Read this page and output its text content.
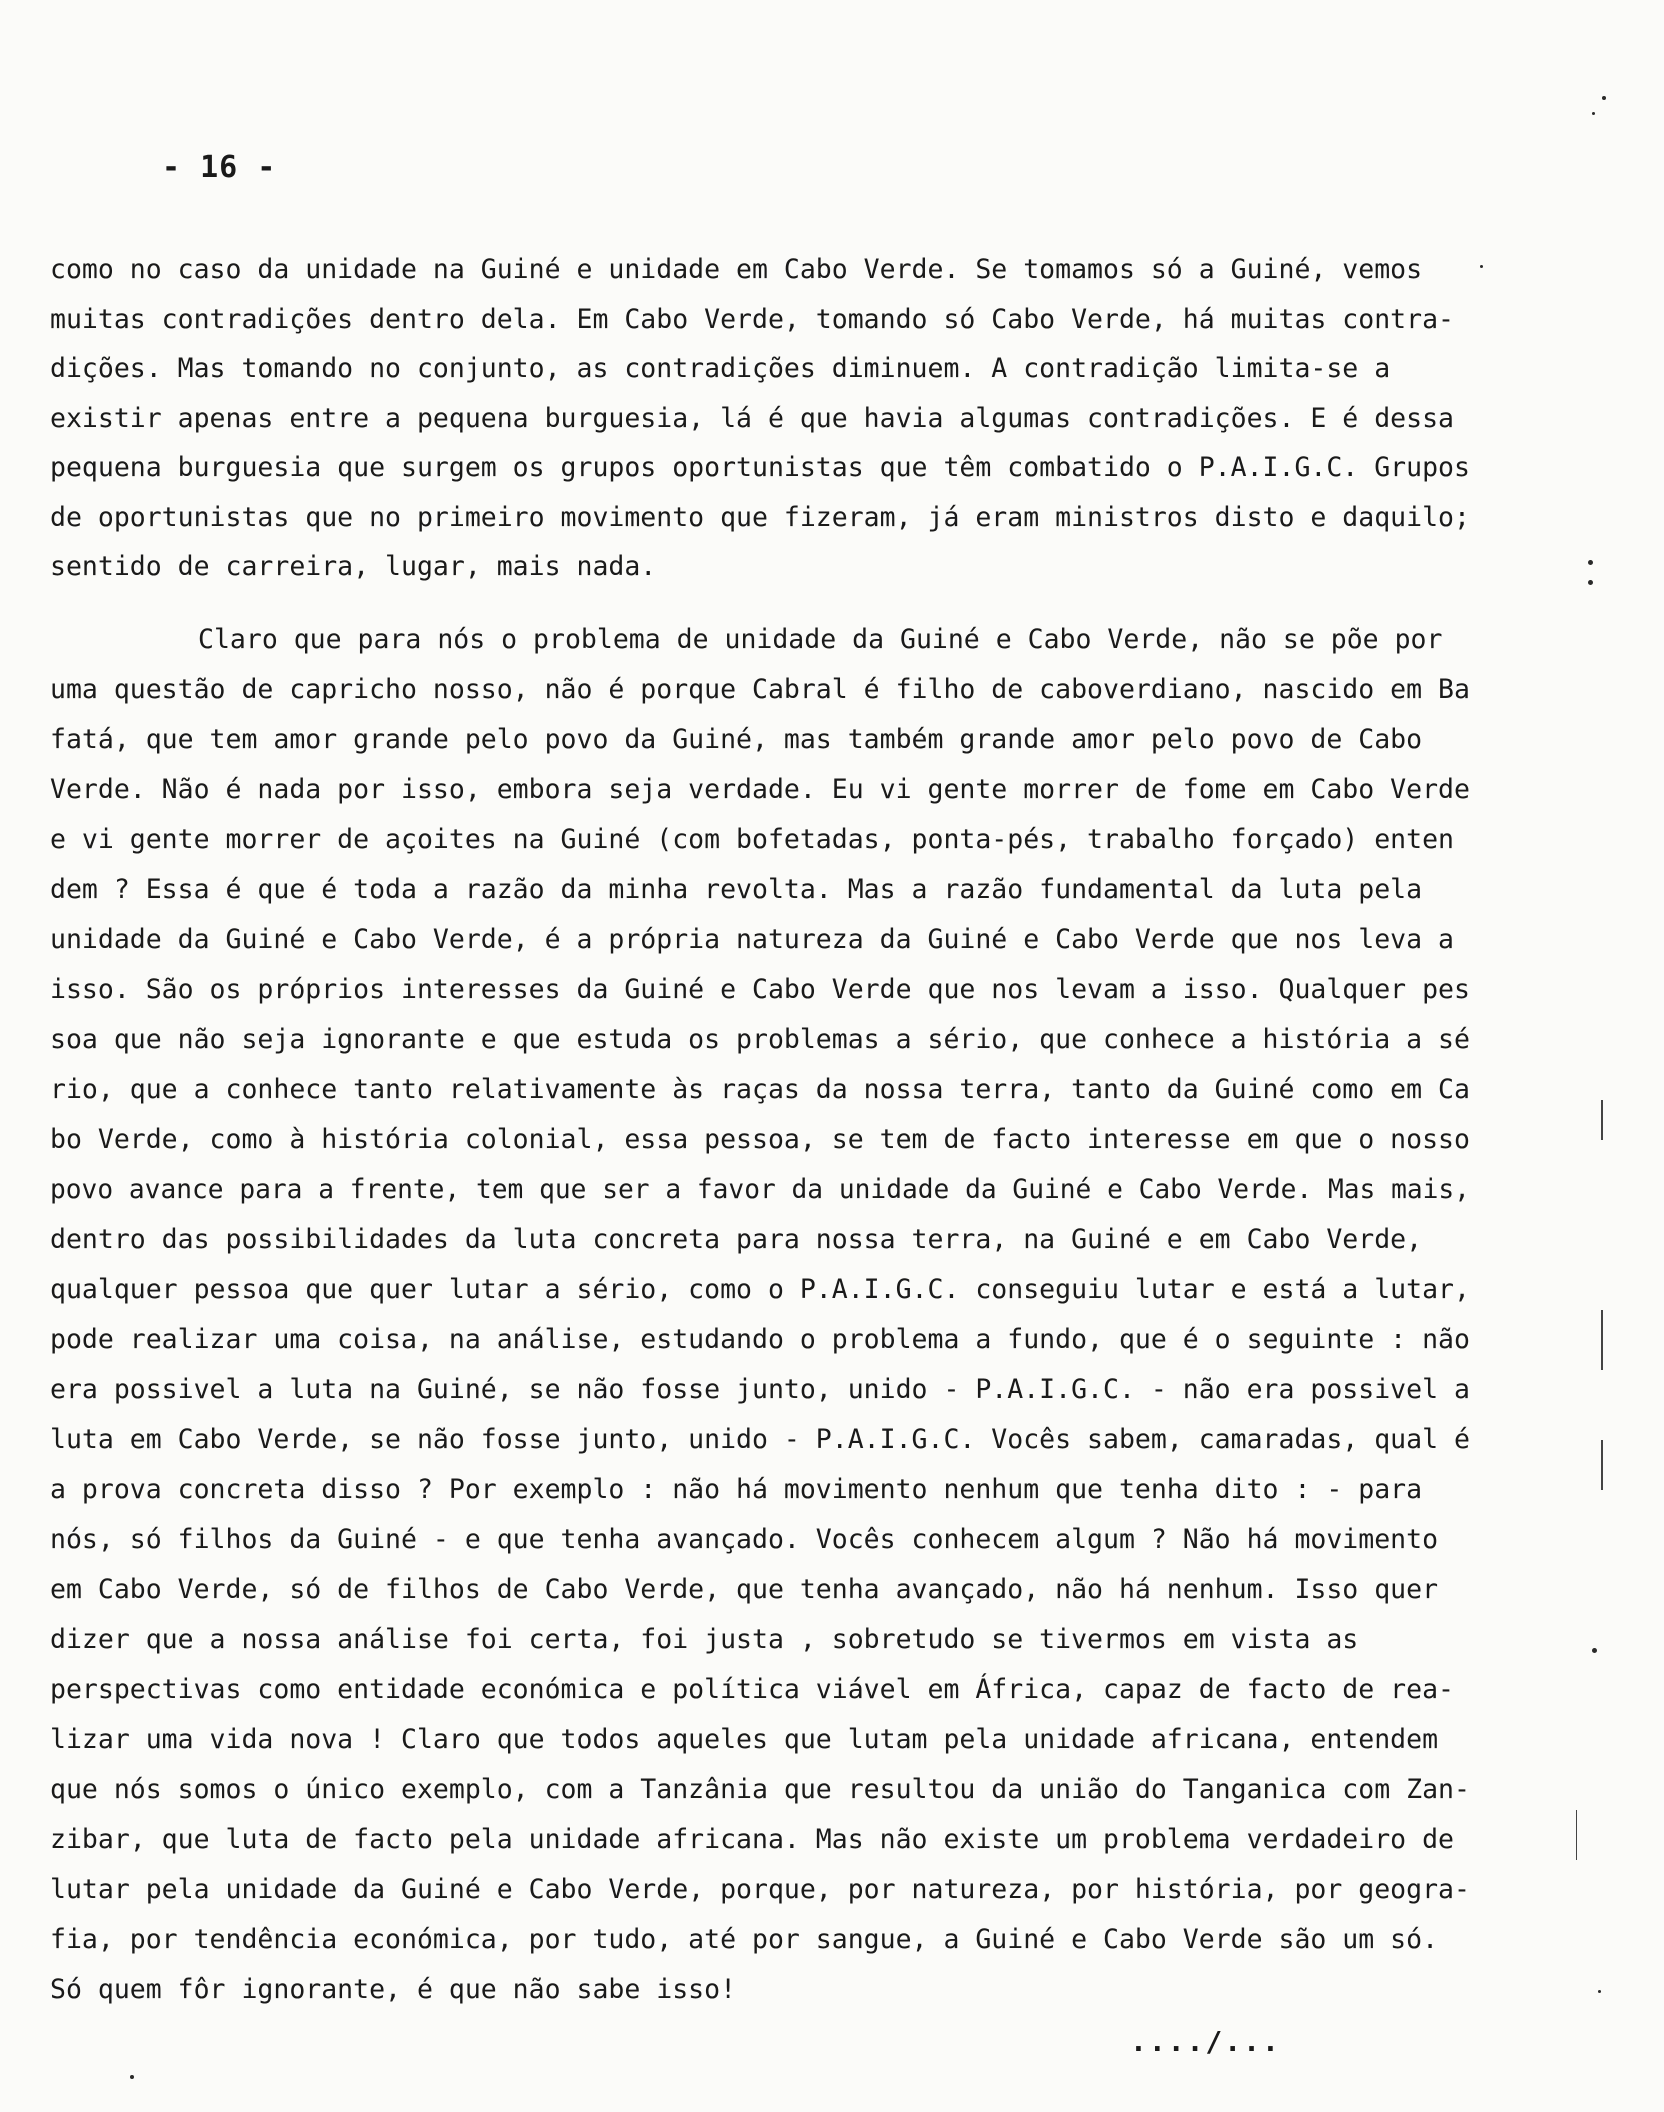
- 16 -
como no caso da unidade na Guiné e unidade em Cabo Verde. Se tomamos só a Guiné, vemos
muitas contradições dentro dela. Em Cabo Verde, tomando só Cabo Verde, há muitas contra-
dições. Mas tomando no conjunto, as contradições diminuem. A contradição limita-se a
existir apenas entre a pequena burguesia, lá é que havia algumas contradições. E é dessa
pequena burguesia que surgem os grupos oportunistas que têm combatido o P.A.I.G.C. Grupos
de oportunistas que no primeiro movimento que fizeram, já eram ministros disto e daquilo;
sentido de carreira, lugar, mais nada.
Claro que para nós o problema de unidade da Guiné e Cabo Verde, não se põe por
uma questão de capricho nosso, não é porque Cabral é filho de caboverdiano, nascido em Ba
fatá, que tem amor grande pelo povo da Guiné, mas também grande amor pelo povo de Cabo
Verde. Não é nada por isso, embora seja verdade. Eu vi gente morrer de fome em Cabo Verde
e vi gente morrer de açoites na Guiné (com bofetadas, ponta-pés, trabalho forçado) enten
dem ? Essa é que é toda a razão da minha revolta. Mas a razão fundamental da luta pela
unidade da Guiné e Cabo Verde, é a própria natureza da Guiné e Cabo Verde que nos leva a
isso. São os próprios interesses da Guiné e Cabo Verde que nos levam a isso. Qualquer pes
soa que não seja ignorante e que estuda os problemas a sério, que conhece a história a sé
rio, que a conhece tanto relativamente às raças da nossa terra, tanto da Guiné como em Ca
bo Verde, como à história colonial, essa pessoa, se tem de facto interesse em que o nosso
povo avance para a frente, tem que ser a favor da unidade da Guiné e Cabo Verde. Mas mais,
dentro das possibilidades da luta concreta para nossa terra, na Guiné e em Cabo Verde,
qualquer pessoa que quer lutar a sério, como o P.A.I.G.C. conseguiu lutar e está a lutar,
pode realizar uma coisa, na análise, estudando o problema a fundo, que é o seguinte : não
era possivel a luta na Guiné, se não fosse junto, unido - P.A.I.G.C. - não era possivel a
luta em Cabo Verde, se não fosse junto, unido - P.A.I.G.C. Vocês sabem, camaradas, qual é
a prova concreta disso ? Por exemplo : não há movimento nenhum que tenha dito : - para
nós, só filhos da Guiné - e que tenha avançado. Vocês conhecem algum ? Não há movimento
em Cabo Verde, só de filhos de Cabo Verde, que tenha avançado, não há nenhum. Isso quer
dizer que a nossa análise foi certa, foi justa , sobretudo se tivermos em vista as
perspectivas como entidade económica e política viável em África, capaz de facto de rea-
lizar uma vida nova ! Claro que todos aqueles que lutam pela unidade africana, entendem
que nós somos o único exemplo, com a Tanzânia que resultou da união do Tanganica com Zan-
zibar, que luta de facto pela unidade africana. Mas não existe um problema verdadeiro de
lutar pela unidade da Guiné e Cabo Verde, porque, por natureza, por história, por geogra-
fia, por tendência económica, por tudo, até por sangue, a Guiné e Cabo Verde são um só.
Só quem fôr ignorante, é que não sabe isso!
..../...
